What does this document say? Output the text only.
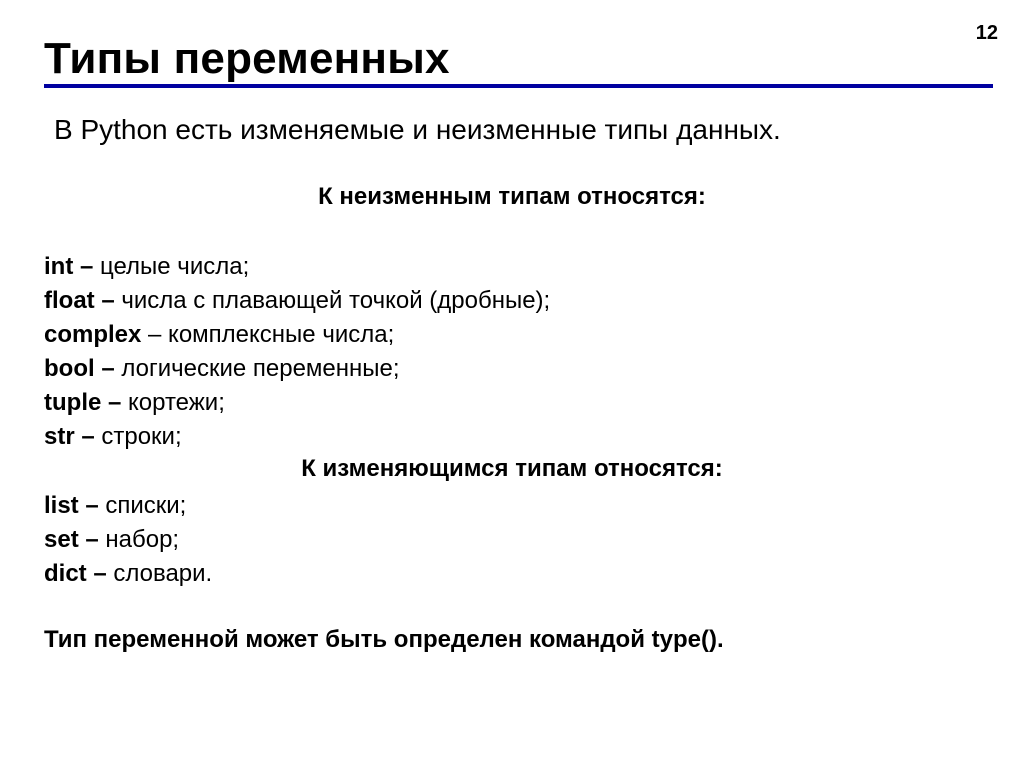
12
Типы переменных
В Python есть изменяемые и неизменные типы данных.
К неизменным типам относятся:
int – целые числа;
float – числа с плавающей точкой (дробные);
complex – комплексные числа;
bool – логические переменные;
tuple – кортежи;
str – строки;
К изменяющимся типам относятся:
list – списки;
set – набор;
dict – словари.
Тип переменной может быть определен командой type().
